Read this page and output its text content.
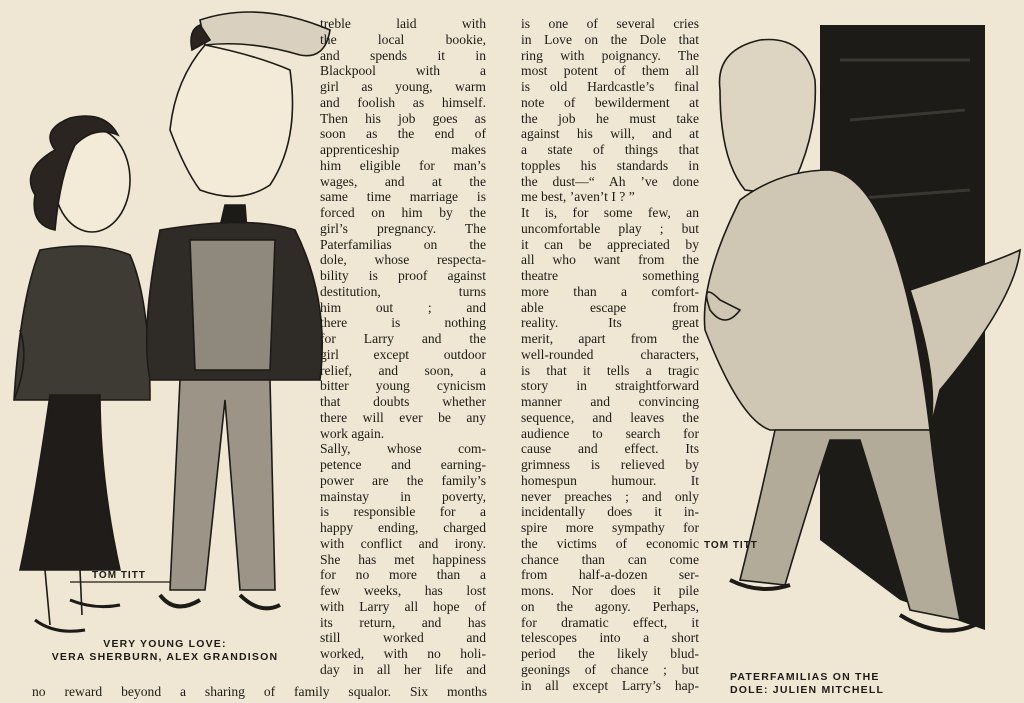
TOM TITT
treble laid with
the local bookie,
and spends it in
Blackpool with a
girl as young, warm
and foolish as himself.
Then his job goes as
soon as the end of
apprenticeship makes
him eligible for man’s
wages, and at the
same time marriage is
forced on him by the
girl’s pregnancy. The
Paterfamilias on the
dole, whose respecta-
bility is proof against
destitution, turns
him out ; and
there is nothing
for Larry and the
girl except outdoor
relief, and soon, a
bitter young cynicism
that doubts whether
there will ever be any
work again.
Sally, whose com-
petence and earning-
power are the family’s
mainstay in poverty,
is responsible for a
happy ending, charged
with conflict and irony.
She has met happiness
for no more than a
few weeks, has lost
with Larry all hope of
its return, and has
still worked and
worked, with no holi-
day in all her life and
VERY YOUNG LOVE:
VERA SHERBURN, ALEX GRANDISON
no reward beyond a sharing of family squalor. Six months
is one of several cries
in Love on the Dole that
ring with poignancy. The
most potent of them all
is old Hardcastle’s final
note of bewilderment at
the job he must take
against his will, and at
a state of things that
topples his standards in
the dust—“ Ah ’ve done
me best, ’aven’t I ? ”
It is, for some few, an
uncomfortable play ; but
it can be appreciated by
all who want from the
theatre something
more than a comfort-
able escape from
reality. Its great
merit, apart from the
well-rounded characters,
is that it tells a tragic
story in straightforward
manner and convincing
sequence, and leaves the
audience to search for
cause and effect. Its
grimness is relieved by
homespun humour. It
never preaches ; and only
incidentally does it in-
spire more sympathy for
the victims of economic
chance than can come
from half-a-dozen ser-
mons. Nor does it pile
on the agony. Perhaps,
for dramatic effect, it
telescopes into a short
period the likely blud-
geonings of chance ; but
in all except Larry’s hap-
TOM TITT
PATERFAMILIAS ON THE
DOLE: JULIEN MITCHELL
